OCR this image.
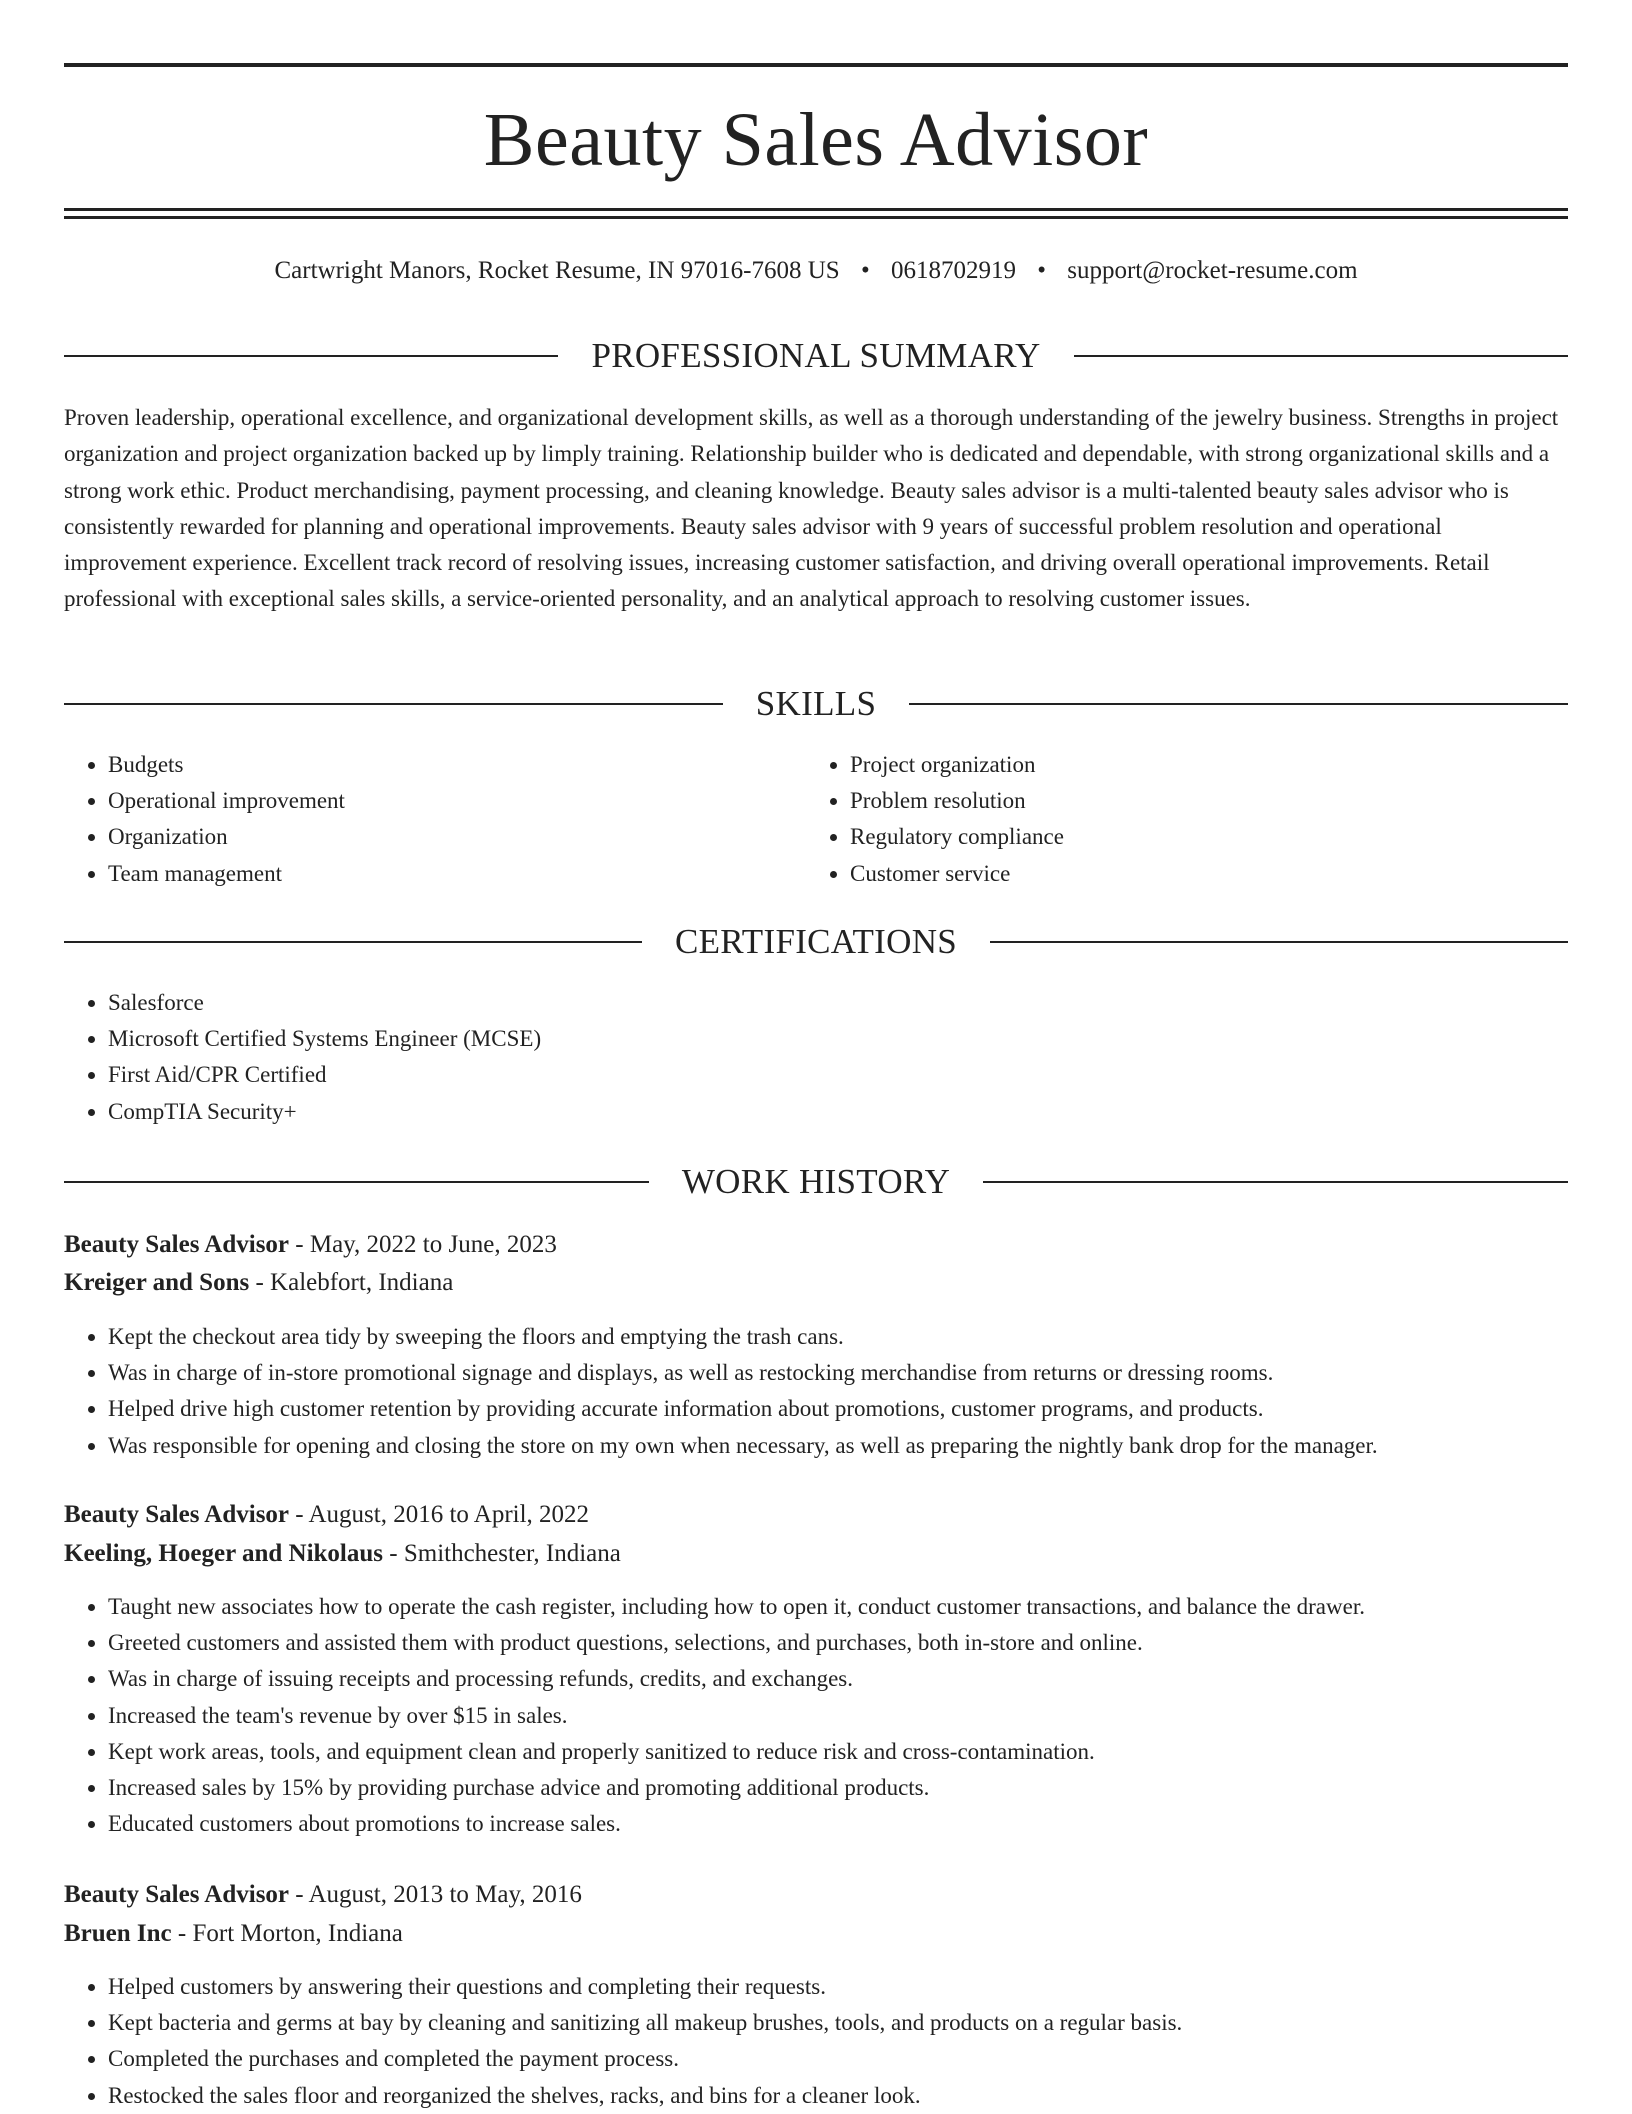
Beauty Sales Advisor
Cartwright Manors, Rocket Resume, IN 97016-7608 US • 0618702919 • support@rocket-resume.com
PROFESSIONAL SUMMARY

Proven leadership, operational excellence, and organizational development skills, as well as a thorough understanding of the jewelry business. Strengths in project organization and project organization backed up by limply training. Relationship builder who is dedicated and dependable, with strong organizational skills and a strong work ethic. Product merchandising, payment processing, and cleaning knowledge. Beauty sales advisor is a multi-talented beauty sales advisor who is consistently rewarded for planning and operational improvements. Beauty sales advisor with 9 years of successful problem resolution and operational improvement experience. Excellent track record of resolving issues, increasing customer satisfaction, and driving overall operational improvements. Retail professional with exceptional sales skills, a service-oriented personality, and an analytical approach to resolving customer issues.

SKILLS
• Budgets
• Operational improvement
• Organization
• Team management
• Project organization
• Problem resolution
• Regulatory compliance
• Customer service
CERTIFICATIONS
• Salesforce
• Microsoft Certified Systems Engineer (MCSE)
• First Aid/CPR Certified
• CompTIA Security+
WORK HISTORY
Beauty Sales Advisor - May, 2022 to June, 2023
Kreiger and Sons - Kalebfort, Indiana
• Kept the checkout area tidy by sweeping the floors and emptying the trash cans.
• Was in charge of in-store promotional signage and displays, as well as restocking merchandise from returns or dressing rooms.
• Helped drive high customer retention by providing accurate information about promotions, customer programs, and products.
• Was responsible for opening and closing the store on my own when necessary, as well as preparing the nightly bank drop for the manager.
Beauty Sales Advisor - August, 2016 to April, 2022
Keeling, Hoeger and Nikolaus - Smithchester, Indiana
• Taught new associates how to operate the cash register, including how to open it, conduct customer transactions, and balance the drawer.
• Greeted customers and assisted them with product questions, selections, and purchases, both in-store and online.
• Was in charge of issuing receipts and processing refunds, credits, and exchanges.
• Increased the team's revenue by over $15 in sales.
• Kept work areas, tools, and equipment clean and properly sanitized to reduce risk and cross-contamination.
• Increased sales by 15% by providing purchase advice and promoting additional products.
• Educated customers about promotions to increase sales.
Beauty Sales Advisor - August, 2013 to May, 2016
Bruen Inc - Fort Morton, Indiana
• Helped customers by answering their questions and completing their requests.
• Kept bacteria and germs at bay by cleaning and sanitizing all makeup brushes, tools, and products on a regular basis.
• Completed the purchases and completed the payment process.
• Restocked the sales floor and reorganized the shelves, racks, and bins for a cleaner look.
